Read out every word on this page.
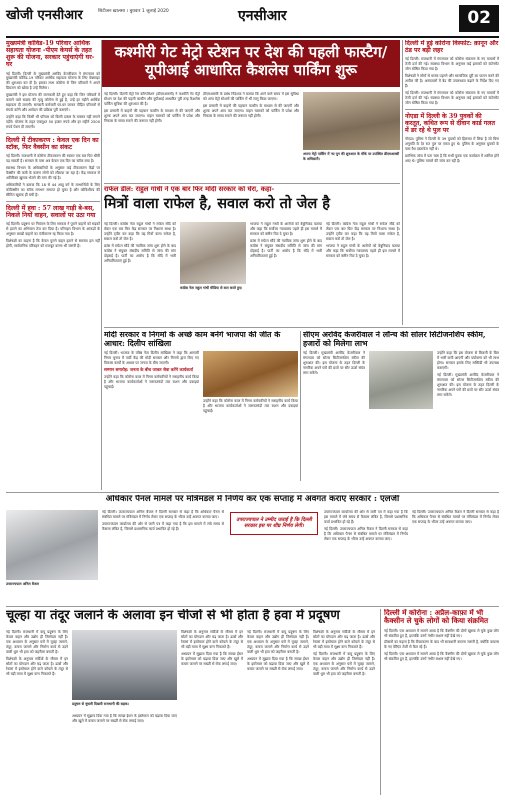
खोजी एनसीआर	सिटीजन ख़ालसा । बुधवार 1 जुलाई 2020	एनसीआर	02
मुख्यमंत्री कोविड-19 परिवार आर्थिक सहायता योजना -पीएम केयर्स के तहत शुरू की योजना, सरकार पहुंचाएंगी घर-घर

नई दिल्ली। दिल्ली के मुख्यमंत्री अरविंद केजरीवाल ने मंगलवार को मुख्यमंत्री कोविड-19 परिवार आर्थिक सहायता योजना के लिए वेबसाइट की शुरुआत कर दी है। इसका लाभ कोरोना से जिन परिवारों ने अपने प्रियजन को खोया है उन्हें मिलेगा।

मुख्यमंत्री ने इस योजना की जानकारी देते हुए कहा कि जिन परिवारों में कमाने वाले सदस्य की मृत्यु कोरोना से हुई है, उन्हें हर महीने आर्थिक सहायता दी जाएगी। सरकारी कर्मचारी घर-घर जाकर पीड़ित परिवारों से संपर्क करेंगे और आवेदन की प्रक्रिया पूरी कराएंगे।

उन्होंने कहा कि किसी भी परिवार को किसी दफ्तर के चक्कर नहीं लगाने पड़ेंगे। योजना के तहत एकमुश्त 50 हजार रुपये और हर महीने 2500 रुपये पेंशन दी जाएगी।

दिल्ली में टीकाकरण : केवल एक दिन का स्टॉक, फिर वैक्सीन का संकट

नई दिल्ली। राजधानी में कोरोना टीकाकरण की रफ्तार एक बार फिर धीमी पड़ सकती है। सरकार के पास अब केवल एक दिन का स्टॉक बचा है।

स्वास्थ्य विभाग के अधिकारियों के अनुसार कई टीकाकरण केंद्रों पर वैक्सीन की कमी के कारण लोगों को लौटाया जा रहा है। केंद्र सरकार से अतिरिक्त खुराक भेजने की मांग की गई है।

अधिकारियों ने बताया कि 18 से 44 आयु वर्ग के लाभार्थियों के लिए कोवैक्सीन का स्टॉक लगभग समाप्त हो चुका है और कोविशील्ड की सीमित खुराक ही बची है।

दिल्ली में हवा : 57 लाख गाड़ी बे-बस, निकले नियों वाहन, सवालों पर उठा गया

नई दिल्ली। प्रदूषण पर नियंत्रण के लिए सरकार ने पुराने वाहनों को सड़कों से हटाने का अभियान तेज कर दिया है। परिवहन विभाग के आंकड़ों के अनुसार लाखों वाहनों का पंजीकरण रद्द किया गया है।

विशेषज्ञों का कहना है कि केवल पुराने वाहन हटाने से समस्या हल नहीं होगी, सार्वजनिक परिवहन को मजबूत करना भी जरूरी है।

कश्मीरी गेट मेट्रो स्टेशन पर देश की पहली फास्टैग/यूपीआई आधारित कैशलेस पार्किंग शुरू

नई दिल्ली। दिल्ली मेट्रो रेल कॉरपोरेशन (डीएमआरसी) ने कश्मीरी गेट मेट्रो स्टेशन पर देश की पहली फास्टैग और यूपीआई आधारित पूरी तरह कैशलेस पार्किंग सुविधा की शुरुआत की है।

इस प्रणाली में वाहनों की पहचान फास्टैग के माध्यम से की जाएगी और शुल्क अपने आप कट जाएगा। वाहन चालकों को पार्किंग में प्रवेश और निकास के समय रुकने की जरूरत नहीं होगी।

डीएमआरसी के प्रबंध निदेशक ने बताया कि आने वाले समय में इस सुविधा को अन्य मेट्रो स्टेशनों की पार्किंग में भी लागू किया जाएगा।

इस प्रणाली में वाहनों की पहचान फास्टैग के माध्यम से की जाएगी और शुल्क अपने आप कट जाएगा। वाहन चालकों को पार्किंग में प्रवेश और निकास के समय रुकने की जरूरत नहीं होगी।

अपना मेट्रो पार्किंग में नए युग की शुरुआत के मौके पर उपस्थित डीएमआरसी के अधिकारी।
राफेल डील: राहुल गांधी ने एक बार फिर मोदी सरकार को घेरा, कहा-
मित्रों वाला राफेल है, सवाल करो तो जेल है

नई दिल्ली। कांग्रेस नेता राहुल गांधी ने राफेल सौदे को लेकर एक बार फिर केंद्र सरकार पर निशाना साधा है। उन्होंने ट्वीट कर कहा कि यह मित्रों वाला राफेल है, सवाल करो तो जेल है।

फ्रांस में राफेल सौदे की न्यायिक जांच शुरू होने के बाद कांग्रेस ने संयुक्त संसदीय समिति से जांच की मांग दोहराई है। पार्टी का आरोप है कि सौदे में भारी अनियमितताएं हुई हैं।

कांग्रेस नेता राहुल गांधी मीडिया से बात करते हुए।

भाजपा ने राहुल गांधी के आरोपों को बेबुनियाद बताया और कहा कि सर्वोच्च न्यायालय पहले ही इस मामले में सरकार को क्लीन चिट दे चुका है।

फ्रांस में राफेल सौदे की न्यायिक जांच शुरू होने के बाद कांग्रेस ने संयुक्त संसदीय समिति से जांच की मांग दोहराई है। पार्टी का आरोप है कि सौदे में भारी अनियमितताएं हुई हैं।

नई दिल्ली। कांग्रेस नेता राहुल गांधी ने राफेल सौदे को लेकर एक बार फिर केंद्र सरकार पर निशाना साधा है। उन्होंने ट्वीट कर कहा कि यह मित्रों वाला राफेल है, सवाल करो तो जेल है।

भाजपा ने राहुल गांधी के आरोपों को बेबुनियाद बताया और कहा कि सर्वोच्च न्यायालय पहले ही इस मामले में सरकार को क्लीन चिट दे चुका है।

दिल्ली में हुई कोरोना विस्फोट: क़ानून और ठंड पर बड़ी लहर

नई दिल्ली। राजधानी में मंगलवार को कोरोना संक्रमण के नए मामलों में तेजी दर्ज की गई। स्वास्थ्य विभाग के अनुसार कई इलाकों को कंटेनमेंट जोन घोषित किया गया है।

विशेषज्ञों ने लोगों से मास्क पहनने और सामाजिक दूरी का पालन करने की अपील की है। अस्पतालों में बेड की उपलब्धता बढ़ाने के निर्देश दिए गए हैं।

नई दिल्ली। राजधानी में मंगलवार को कोरोना संक्रमण के नए मामलों में तेजी दर्ज की गई। स्वास्थ्य विभाग के अनुसार कई इलाकों को कंटेनमेंट जोन घोषित किया गया है।

नोएडा में दिल्ली के 39 युवकों की करतूत, कथित रूप से दीवान कार्ड गलत में डर रहे थे पुल पर

नोएडा। पुलिस ने दिल्ली के 39 युवकों को हिरासत में लिया है जो बिना अनुमति के देर रात पुल पर एकत्र हुए थे। पुलिस के अनुसार युवकों के पास वैध दस्तावेज नहीं थे।

प्रारंभिक जांच में पता चला है कि सभी युवक एक कार्यक्रम में शामिल होने आए थे। पुलिस मामले की जांच कर रही है।

मोदी सरकार व निगमों के अच्छे काम बनेंगे भाजपा की जीत के आधार: दिलीप सांखिला

नई दिल्ली। भाजपा के वरिष्ठ नेता दिलीप सांखिला ने कहा कि आगामी निगम चुनाव में पार्टी केंद्र की मोदी सरकार और निगमों द्वारा किए गए विकास कार्यों के आधार पर जनता के बीच जाएगी।

सम्मान समारोह: जनता के बीच जाकर सेवा करेंगे कार्यकर्ता

उन्होंने कहा कि कोरोना काल में निगम कर्मचारियों ने सराहनीय कार्य किया है और भाजपा कार्यकर्ताओं ने जरूरतमंदों तक राशन और दवाइयां पहुंचाईं।

उन्होंने कहा कि कोरोना काल में निगम कर्मचारियों ने सराहनीय कार्य किया है और भाजपा कार्यकर्ताओं ने जरूरतमंदों तक राशन और दवाइयां पहुंचाईं।

सीएम अरविंद केजरीवाल ने लॉन्च की सोलर सिटीजनशिप स्कीम, हजारों को मिलेगा लाभ

नई दिल्ली। मुख्यमंत्री अरविंद केजरीवाल ने मंगलवार को सोलर सिटीजनशिप स्कीम की शुरुआत की। इस योजना के तहत दिल्ली के नागरिक अपने घरों की छतों पर सौर ऊर्जा संयंत्र लगा सकेंगे।

उन्होंने कहा कि इस योजना से बिजली के बिल में भारी कमी आएगी और पर्यावरण को भी लाभ होगा। सरकार इसके लिए सब्सिडी भी उपलब्ध कराएगी।

नई दिल्ली। मुख्यमंत्री अरविंद केजरीवाल ने मंगलवार को सोलर सिटीजनशिप स्कीम की शुरुआत की। इस योजना के तहत दिल्ली के नागरिक अपने घरों की छतों पर सौर ऊर्जा संयंत्र लगा सकेंगे।

अधिकार पैनल मामले पर मंत्रिमंडल में निर्णय कर एक सप्ताह में अवगत कराए सरकार : एलजी
उपराज्यपाल अनिल बैजल

नई दिल्ली। उपराज्यपाल अनिल बैजल ने दिल्ली सरकार से कहा है कि अधिकार पैनल से संबंधित मामले पर मंत्रिमंडल में निर्णय लेकर एक सप्ताह के भीतर उन्हें अवगत कराया जाए।

उपराज्यपाल कार्यालय की ओर से जारी पत्र में कहा गया है कि इस मामले में लंबे समय से फैसला लंबित है, जिससे प्रशासनिक कार्य प्रभावित हो रहे हैं।

उपराज्यपाल ने उम्मीद जताई है कि दिल्ली सरकार इस पर शीघ्र निर्णय लेगी।

उपराज्यपाल कार्यालय की ओर से जारी पत्र में कहा गया है कि इस मामले में लंबे समय से फैसला लंबित है, जिससे प्रशासनिक कार्य प्रभावित हो रहे हैं।

नई दिल्ली। उपराज्यपाल अनिल बैजल ने दिल्ली सरकार से कहा है कि अधिकार पैनल से संबंधित मामले पर मंत्रिमंडल में निर्णय लेकर एक सप्ताह के भीतर उन्हें अवगत कराया जाए।

नई दिल्ली। उपराज्यपाल अनिल बैजल ने दिल्ली सरकार से कहा है कि अधिकार पैनल से संबंधित मामले पर मंत्रिमंडल में निर्णय लेकर एक सप्ताह के भीतर उन्हें अवगत कराया जाए।

चूल्हा या तंदूर जलाने के अलावा इन चीजों से भी होता है हवा में प्रदूषण

नई दिल्ली। राजधानी में वायु प्रदूषण के लिए केवल वाहन और उद्योग ही जिम्मेदार नहीं हैं। एक अध्ययन के अनुसार घरों में चूल्हा जलाने, तंदूर, कचरा जलाने और निर्माण कार्य से उड़ने वाली धूल भी हवा को जहरीला बनाती है।

विशेषज्ञों के अनुसार सर्दियों के मौसम में इन स्रोतों का योगदान और बढ़ जाता है। ढाबों और रेस्तरां में इस्तेमाल होने वाले कोयले के तंदूर से भी बड़ी मात्रा में सूक्ष्म कण निकलते हैं।

प्रदूषण से धुंधली दिखती राजधानी की सड़क।

अध्ययन में सुझाव दिया गया है कि स्वच्छ ईंधन के इस्तेमाल को बढ़ावा दिया जाए और खुले में कचरा जलाने पर सख्ती से रोक लगाई जाए।

विशेषज्ञों के अनुसार सर्दियों के मौसम में इन स्रोतों का योगदान और बढ़ जाता है। ढाबों और रेस्तरां में इस्तेमाल होने वाले कोयले के तंदूर से भी बड़ी मात्रा में सूक्ष्म कण निकलते हैं।

अध्ययन में सुझाव दिया गया है कि स्वच्छ ईंधन के इस्तेमाल को बढ़ावा दिया जाए और खुले में कचरा जलाने पर सख्ती से रोक लगाई जाए।

नई दिल्ली। राजधानी में वायु प्रदूषण के लिए केवल वाहन और उद्योग ही जिम्मेदार नहीं हैं। एक अध्ययन के अनुसार घरों में चूल्हा जलाने, तंदूर, कचरा जलाने और निर्माण कार्य से उड़ने वाली धूल भी हवा को जहरीला बनाती है।

अध्ययन में सुझाव दिया गया है कि स्वच्छ ईंधन के इस्तेमाल को बढ़ावा दिया जाए और खुले में कचरा जलाने पर सख्ती से रोक लगाई जाए।

विशेषज्ञों के अनुसार सर्दियों के मौसम में इन स्रोतों का योगदान और बढ़ जाता है। ढाबों और रेस्तरां में इस्तेमाल होने वाले कोयले के तंदूर से भी बड़ी मात्रा में सूक्ष्म कण निकलते हैं।

नई दिल्ली। राजधानी में वायु प्रदूषण के लिए केवल वाहन और उद्योग ही जिम्मेदार नहीं हैं। एक अध्ययन के अनुसार घरों में चूल्हा जलाने, तंदूर, कचरा जलाने और निर्माण कार्य से उड़ने वाली धूल भी हवा को जहरीला बनाती है।

दिल्ली में कोरोना : अप्रैल-काफ़ा में भी कैक्सीन ले चुके लोगों को किया संक्रमित

नई दिल्ली। एक अध्ययन में सामने आया है कि वैक्सीन की दोनों खुराक ले चुके कुछ लोग भी संक्रमित हुए हैं, हालांकि उनमें गंभीर लक्षण नहीं देखे गए।

डॉक्टरों का कहना है कि टीकाकरण के बाद भी सावधानी बरतना जरूरी है, क्योंकि वायरस के नए वेरिएंट तेजी से फैल रहे हैं।

नई दिल्ली। एक अध्ययन में सामने आया है कि वैक्सीन की दोनों खुराक ले चुके कुछ लोग भी संक्रमित हुए हैं, हालांकि उनमें गंभीर लक्षण नहीं देखे गए।
